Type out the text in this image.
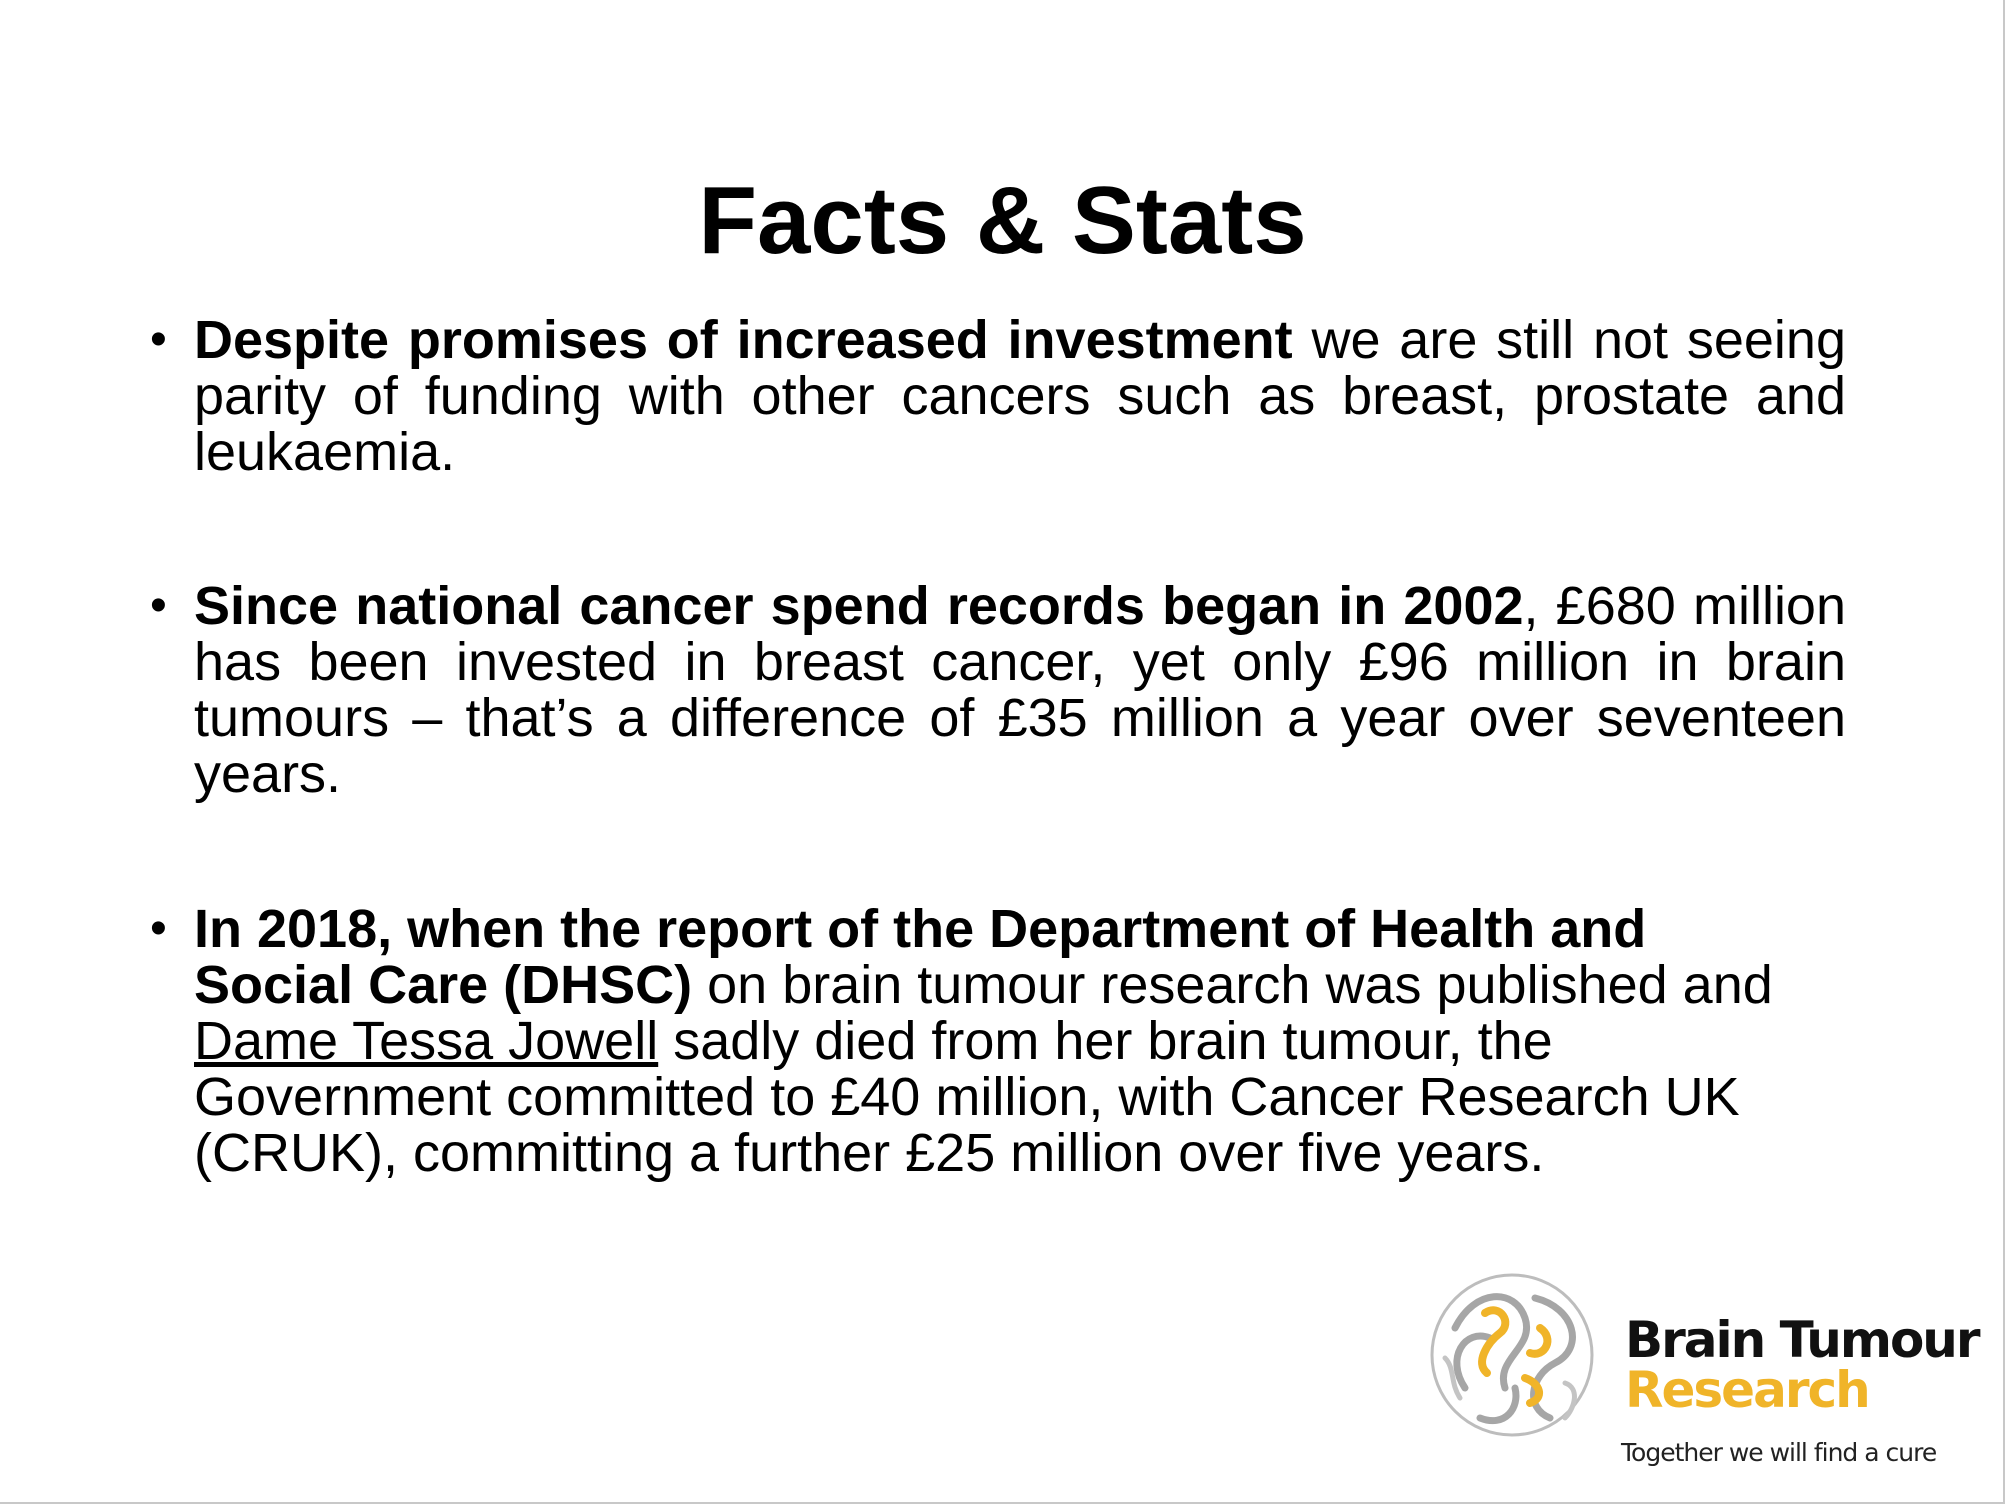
Facts & Stats
• Despite promises of increased investment we are still not seeing parity of funding with other cancers such as breast, prostate and leukaemia.
• Since national cancer spend records began in 2002, £680 million has been invested in breast cancer, yet only £96 million in brain tumours – that’s a difference of £35 million a year over seventeen years.
• In 2018, when the report of the Department of Health and Social Care (DHSC) on brain tumour research was published and Dame Tessa Jowell sadly died from her brain tumour, the Government committed to £40 million, with Cancer Research UK (CRUK), committing a further £25 million over five years.
Brain Tumour
Research
Together we will find a cure
